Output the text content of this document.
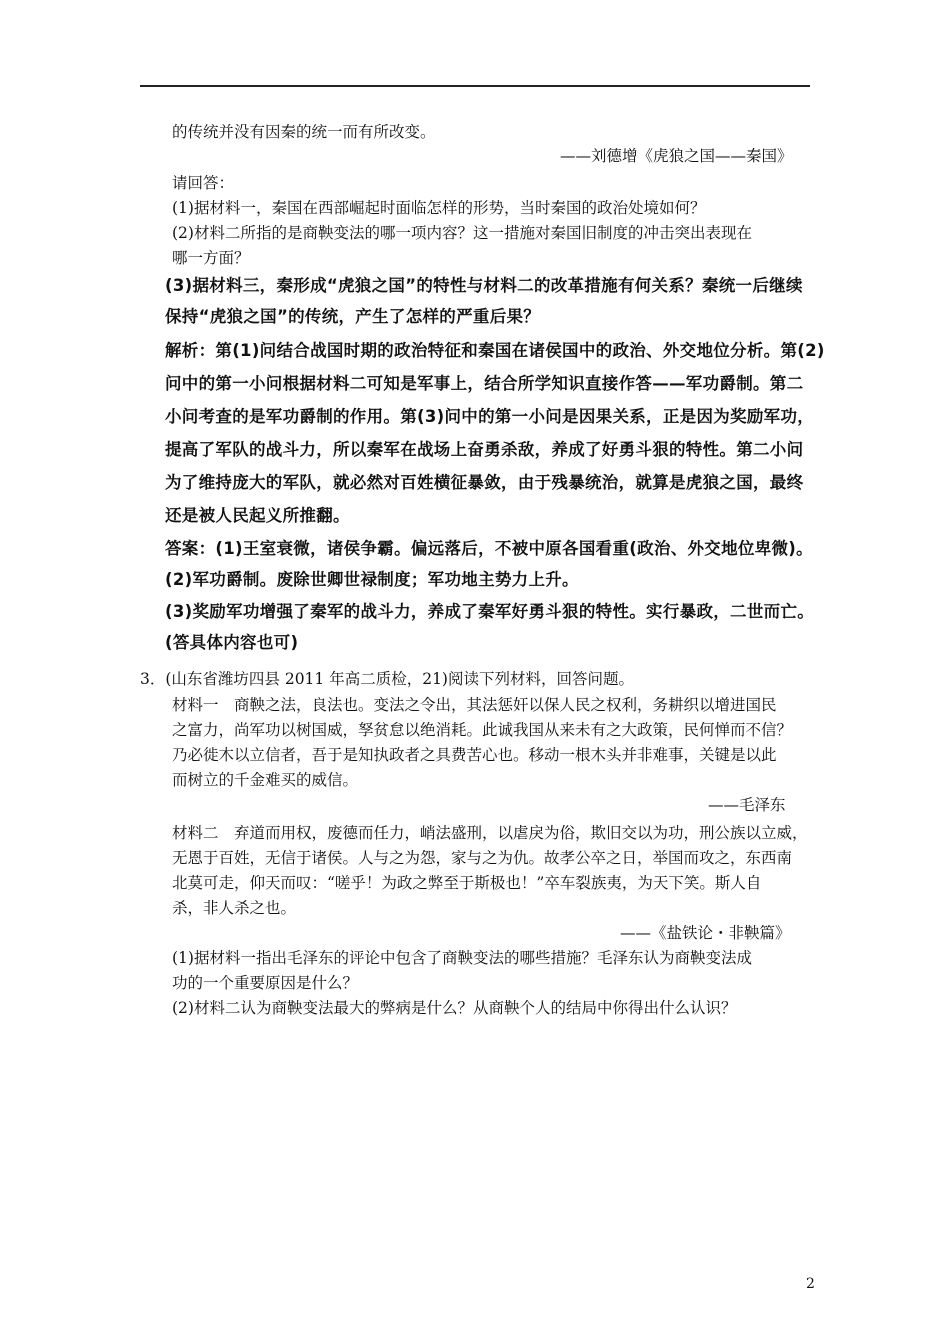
的传统并没有因秦的统一而有所改变。
——刘德增《虎狼之国——秦国》
请回答：
(1)据材料一，秦国在西部崛起时面临怎样的形势，当时秦国的政治处境如何？
(2)材料二所指的是商鞅变法的哪一项内容？这一措施对秦国旧制度的冲击突出表现在
哪一方面？
(3)据材料三，秦形成“虎狼之国”的特性与材料二的改革措施有何关系？秦统一后继续
保持“虎狼之国”的传统，产生了怎样的严重后果？
解析：第(1)问结合战国时期的政治特征和秦国在诸侯国中的政治、外交地位分析。第(2)
问中的第一小问根据材料二可知是军事上，结合所学知识直接作答——军功爵制。第二
小问考查的是军功爵制的作用。第(3)问中的第一小问是因果关系，正是因为奖励军功，
提高了军队的战斗力，所以秦军在战场上奋勇杀敌，养成了好勇斗狠的特性。第二小问
为了维持庞大的军队，就必然对百姓横征暴敛，由于残暴统治，就算是虎狼之国，最终
还是被人民起义所推翻。
答案：(1)王室衰微，诸侯争霸。偏远落后，不被中原各国看重(政治、外交地位卑微)。
(2)军功爵制。废除世卿世禄制度；军功地主势力上升。
(3)奖励军功增强了秦军的战斗力，养成了秦军好勇斗狠的特性。实行暴政，二世而亡。
(答具体内容也可)
3．(山东省潍坊四县 2011 年高二质检，21)阅读下列材料，回答问题。
材料一　商鞅之法，良法也。变法之令出，其法惩奸以保人民之权利，务耕织以增进国民
之富力，尚军功以树国威，孥贫怠以绝消耗。此诚我国从来未有之大政策，民何惮而不信？
乃必徙木以立信者，吾于是知执政者之具费苦心也。移动一根木头并非难事，关键是以此
而树立的千金难买的威信。
——毛泽东
材料二　弃道而用权，废德而任力，峭法盛刑，以虐戾为俗，欺旧交以为功，刑公族以立威，
无恩于百姓，无信于诸侯。人与之为怨，家与之为仇。故孝公卒之日，举国而攻之，东西南
北莫可走，仰天而叹：“嗟乎！为政之弊至于斯极也！”卒车裂族夷，为天下笑。斯人自
杀，非人杀之也。
——《盐铁论・非鞅篇》
(1)据材料一指出毛泽东的评论中包含了商鞅变法的哪些措施？毛泽东认为商鞅变法成
功的一个重要原因是什么？
(2)材料二认为商鞅变法最大的弊病是什么？从商鞅个人的结局中你得出什么认识？
2
